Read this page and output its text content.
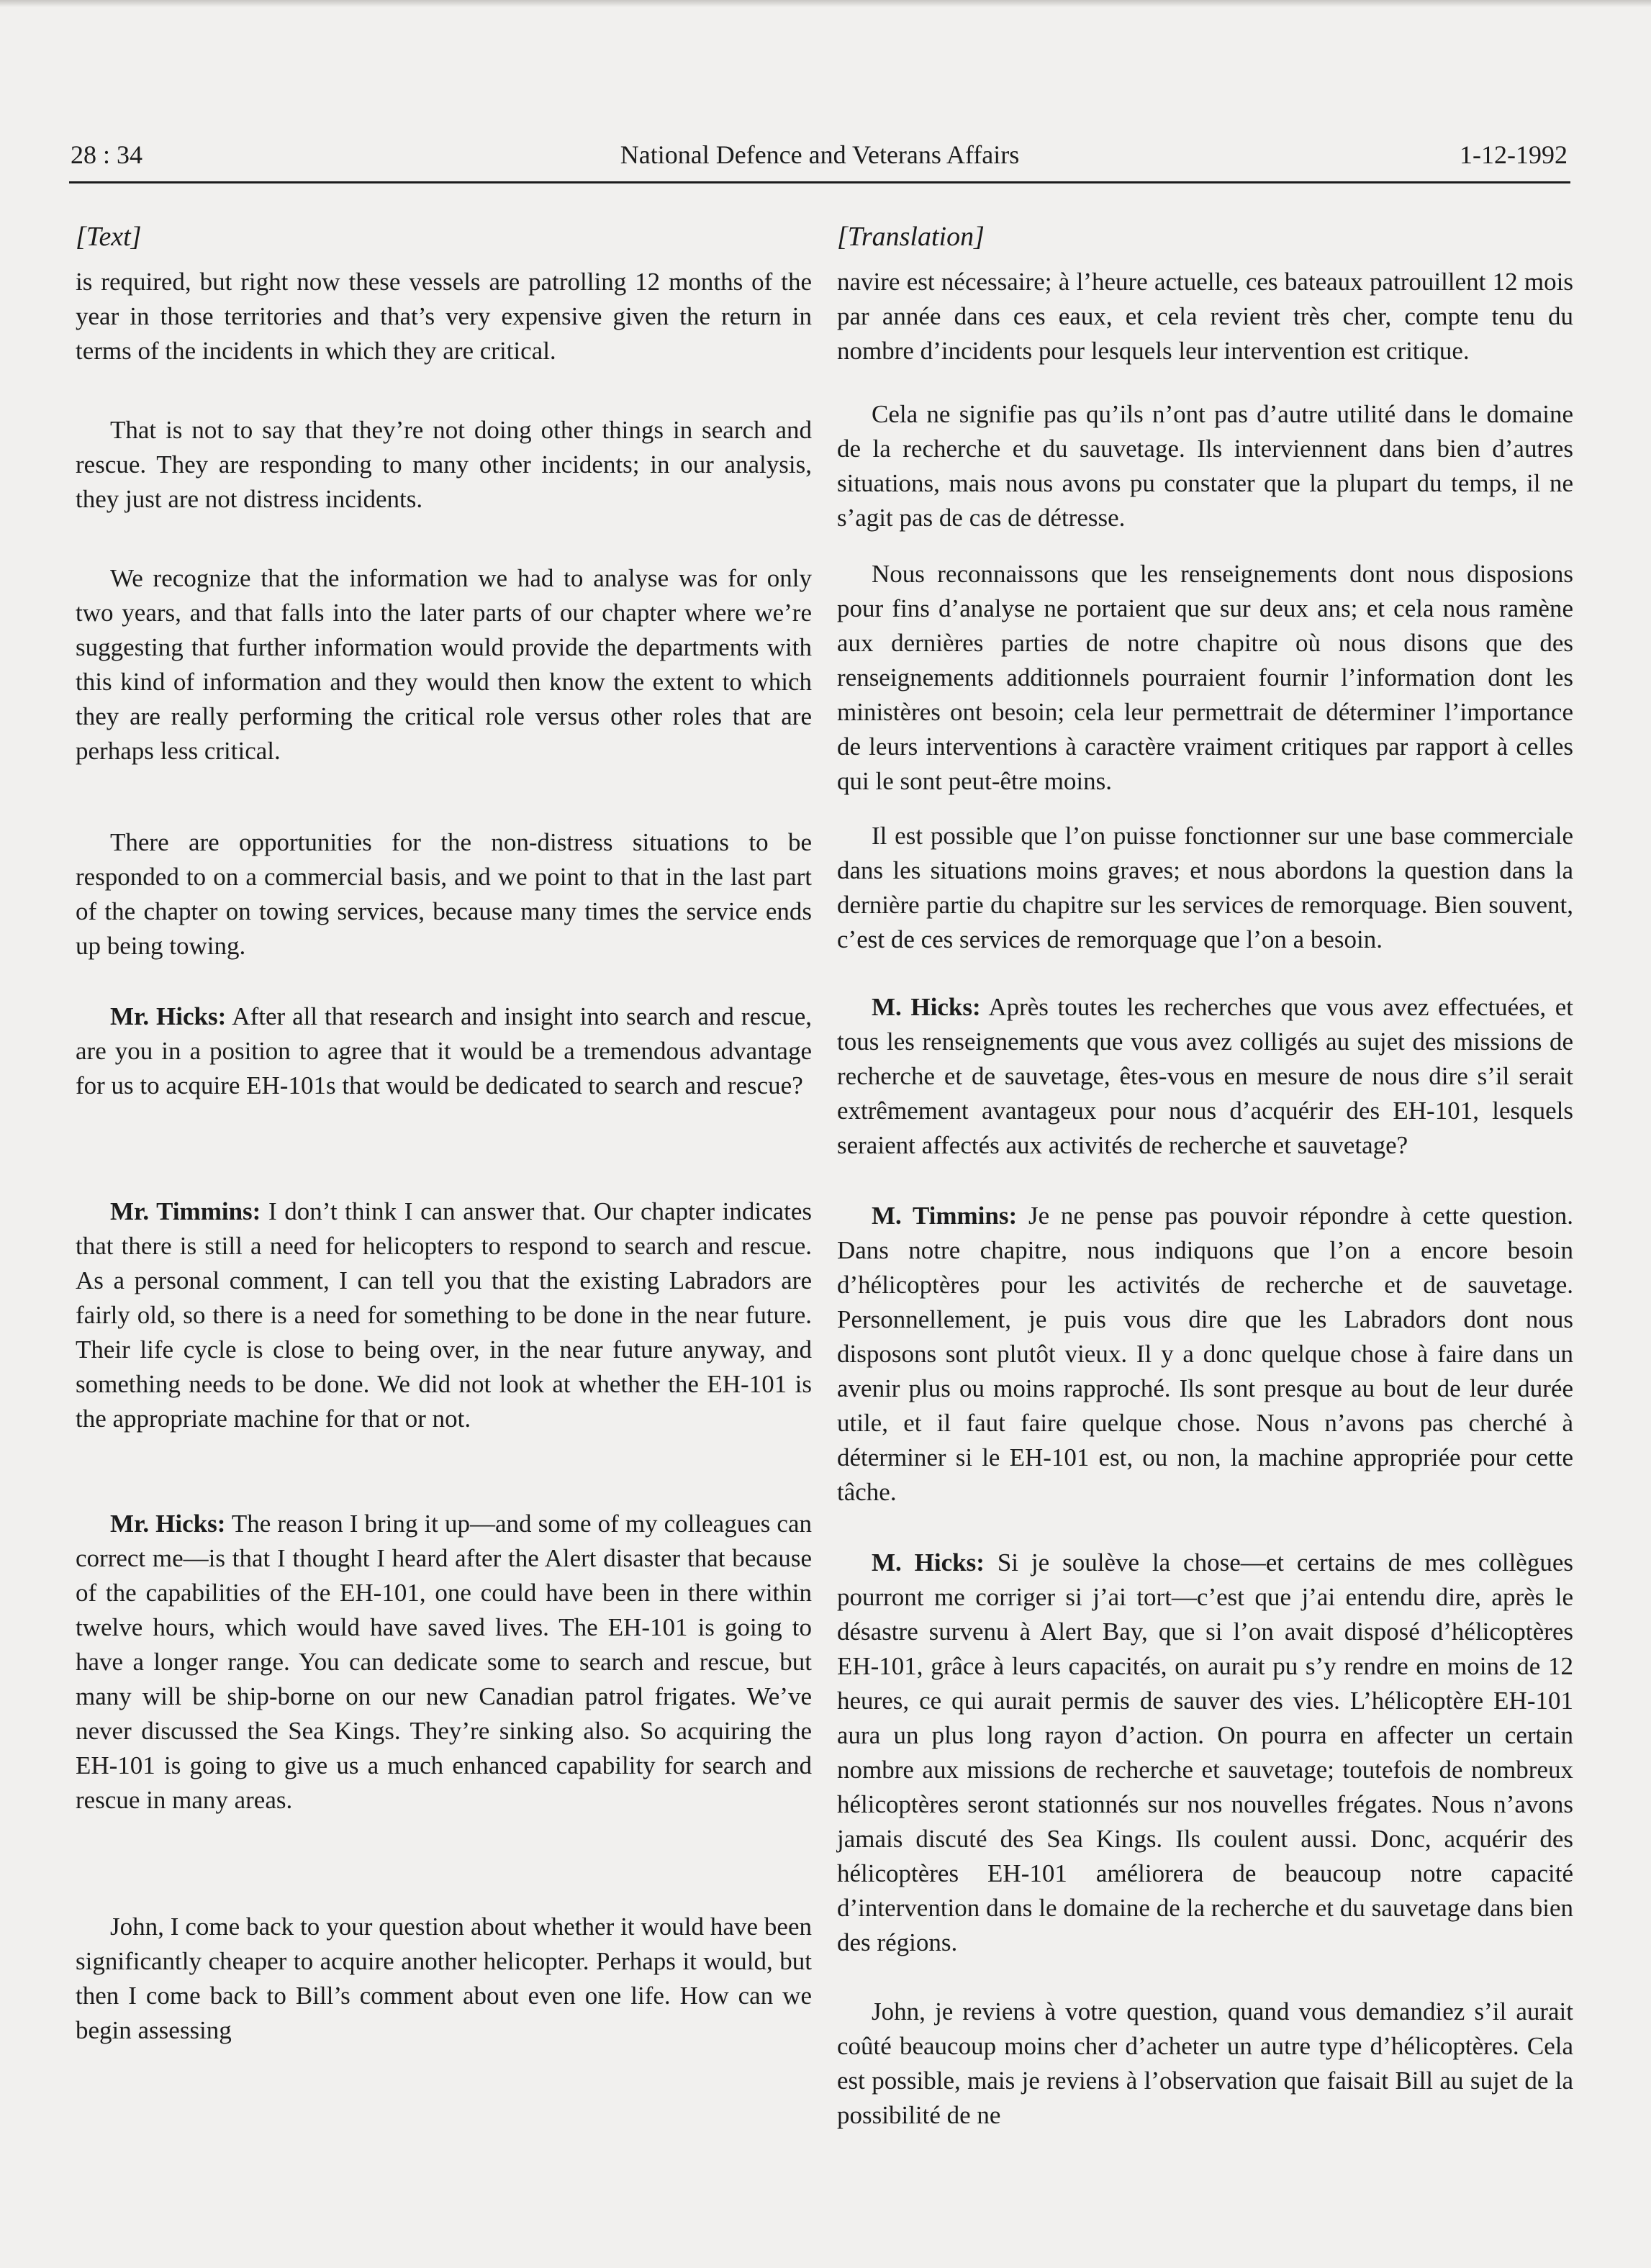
28 : 34	National Defence and Veterans Affairs	1-12-1992
[Text]

is required, but right now these vessels are patrolling 12 months of the year in those territories and that’s very expensive given the return in terms of the incidents in which they are critical.

That is not to say that they’re not doing other things in search and rescue. They are responding to many other incidents; in our analysis, they just are not distress incidents.

We recognize that the information we had to analyse was for only two years, and that falls into the later parts of our chapter where we’re suggesting that further information would provide the departments with this kind of information and they would then know the extent to which they are really performing the critical role versus other roles that are perhaps less critical.

There are opportunities for the non-distress situations to be responded to on a commercial basis, and we point to that in the last part of the chapter on towing services, because many times the service ends up being towing.

Mr. Hicks: After all that research and insight into search and rescue, are you in a position to agree that it would be a tremendous advantage for us to acquire EH-101s that would be dedicated to search and rescue?

Mr. Timmins: I don’t think I can answer that. Our chapter indicates that there is still a need for helicopters to respond to search and rescue. As a personal comment, I can tell you that the existing Labradors are fairly old, so there is a need for something to be done in the near future. Their life cycle is close to being over, in the near future anyway, and something needs to be done. We did not look at whether the EH-101 is the appropriate machine for that or not.

Mr. Hicks: The reason I bring it up—and some of my colleagues can correct me—is that I thought I heard after the Alert disaster that because of the capabilities of the EH-101, one could have been in there within twelve hours, which would have saved lives. The EH-101 is going to have a longer range. You can dedicate some to search and rescue, but many will be ship-borne on our new Canadian patrol frigates. We’ve never discussed the Sea Kings. They’re sinking also. So acquiring the EH-101 is going to give us a much enhanced capability for search and rescue in many areas.

John, I come back to your question about whether it would have been significantly cheaper to acquire another helicopter. Perhaps it would, but then I come back to Bill’s comment about even one life. How can we begin assessing

[Translation]

navire est nécessaire; à l’heure actuelle, ces bateaux patrouillent 12 mois par année dans ces eaux, et cela revient très cher, compte tenu du nombre d’incidents pour lesquels leur intervention est critique.

Cela ne signifie pas qu’ils n’ont pas d’autre utilité dans le domaine de la recherche et du sauvetage. Ils interviennent dans bien d’autres situations, mais nous avons pu constater que la plupart du temps, il ne s’agit pas de cas de détresse.

Nous reconnaissons que les renseignements dont nous disposions pour fins d’analyse ne portaient que sur deux ans; et cela nous ramène aux dernières parties de notre chapitre où nous disons que des renseignements additionnels pourraient fournir l’information dont les ministères ont besoin; cela leur permettrait de déterminer l’importance de leurs interventions à caractère vraiment critiques par rapport à celles qui le sont peut-être moins.

Il est possible que l’on puisse fonctionner sur une base commerciale dans les situations moins graves; et nous abordons la question dans la dernière partie du chapitre sur les services de remorquage. Bien souvent, c’est de ces services de remorquage que l’on a besoin.

M. Hicks: Après toutes les recherches que vous avez effectuées, et tous les renseignements que vous avez colligés au sujet des missions de recherche et de sauvetage, êtes-vous en mesure de nous dire s’il serait extrêmement avantageux pour nous d’acquérir des EH-101, lesquels seraient affectés aux activités de recherche et sauvetage?

M. Timmins: Je ne pense pas pouvoir répondre à cette question. Dans notre chapitre, nous indiquons que l’on a encore besoin d’hélicoptères pour les activités de recherche et de sauvetage. Personnellement, je puis vous dire que les Labradors dont nous disposons sont plutôt vieux. Il y a donc quelque chose à faire dans un avenir plus ou moins rapproché. Ils sont presque au bout de leur durée utile, et il faut faire quelque chose. Nous n’avons pas cherché à déterminer si le EH-101 est, ou non, la machine appropriée pour cette tâche.

M. Hicks: Si je soulève la chose—et certains de mes collègues pourront me corriger si j’ai tort—c’est que j’ai entendu dire, après le désastre survenu à Alert Bay, que si l’on avait disposé d’hélicoptères EH-101, grâce à leurs capacités, on aurait pu s’y rendre en moins de 12 heures, ce qui aurait permis de sauver des vies. L’hélicoptère EH-101 aura un plus long rayon d’action. On pourra en affecter un certain nombre aux missions de recherche et sauvetage; toutefois de nombreux hélicoptères seront stationnés sur nos nouvelles frégates. Nous n’avons jamais discuté des Sea Kings. Ils coulent aussi. Donc, acquérir des hélicoptères EH-101 améliorera de beaucoup notre capacité d’intervention dans le domaine de la recherche et du sauvetage dans bien des régions.

John, je reviens à votre question, quand vous demandiez s’il aurait coûté beaucoup moins cher d’acheter un autre type d’hélicoptères. Cela est possible, mais je reviens à l’observation que faisait Bill au sujet de la possibilité de ne
